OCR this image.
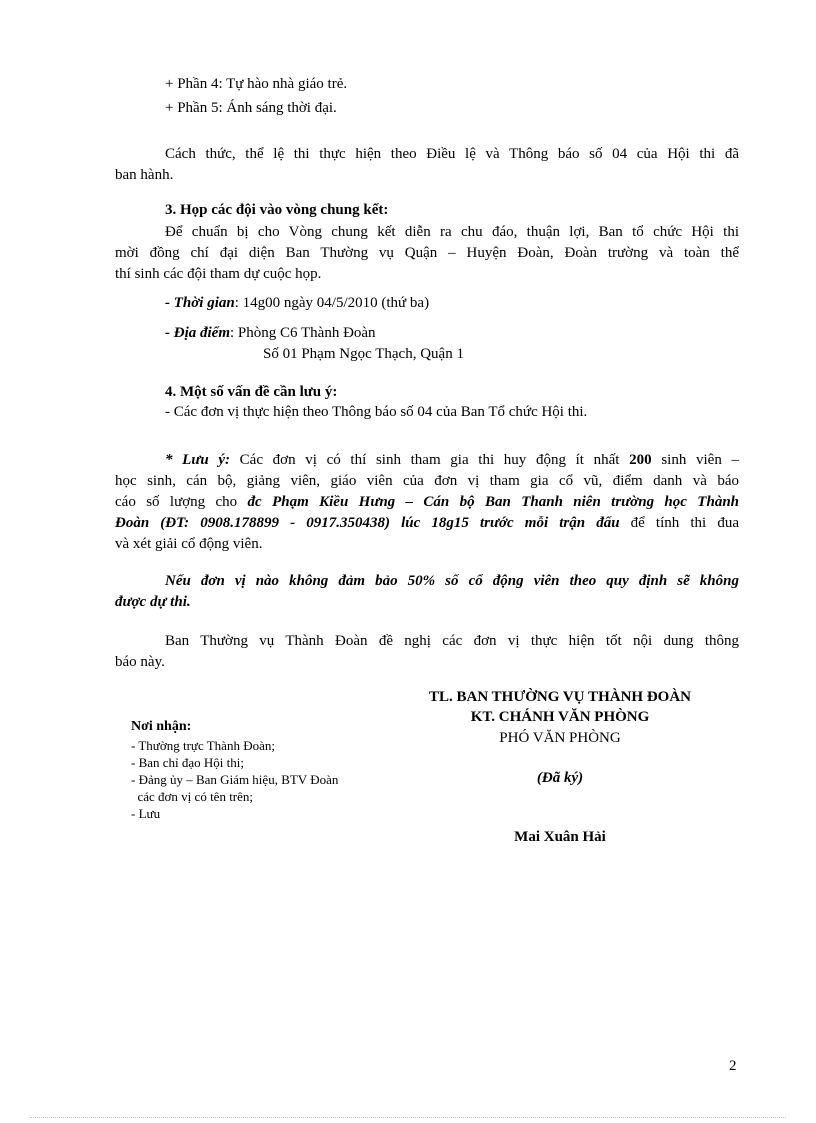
+ Phần 4: Tự hào nhà giáo trẻ.
+ Phần 5: Ánh sáng thời đại.
Cách thức, thể lệ thi thực hiện theo Điều lệ và Thông báo số 04 của Hội thi đã
ban hành.
3. Họp các đội vào vòng chung kết:
Để chuẩn bị cho Vòng chung kết diễn ra chu đáo, thuận lợi, Ban tổ chức Hội thi
mời đồng chí đại diện Ban Thường vụ Quận – Huyện Đoàn, Đoàn trường và toàn thể
thí sinh các đội tham dự cuộc họp.
- Thời gian: 14g00 ngày 04/5/2010 (thứ ba)
- Địa điểm: Phòng C6 Thành Đoàn
Số 01 Phạm Ngọc Thạch, Quận 1
4. Một số vấn đề cần lưu ý:
- Các đơn vị thực hiện theo Thông báo số 04 của Ban Tổ chức Hội thi.
* Lưu ý: Các đơn vị có thí sinh tham gia thi huy động ít nhất 200 sinh viên –
học sinh, cán bộ, giảng viên, giáo viên của đơn vị tham gia cổ vũ, điểm danh và báo
cáo số lượng cho đc Phạm Kiều Hưng – Cán bộ Ban Thanh niên trường học Thành
Đoàn (ĐT: 0908.178899 - 0917.350438) lúc 18g15 trước mỗi trận đấu để tính thi đua
và xét giải cổ động viên.
Nếu đơn vị nào không đảm bảo 50% số cổ động viên theo quy định sẽ không
được dự thi.
Ban Thường vụ Thành Đoàn đề nghị các đơn vị thực hiện tốt nội dung thông
báo này.
Nơi nhận:
- Thường trực Thành Đoàn;
- Ban chỉ đạo Hội thi;
- Đảng ủy – Ban Giám hiệu, BTV Đoàn
các đơn vị có tên trên;
- Lưu
TL. BAN THƯỜNG VỤ THÀNH ĐOÀN
KT. CHÁNH VĂN PHÒNG
PHÓ VĂN PHÒNG
(Đã ký)
Mai Xuân Hải
2
